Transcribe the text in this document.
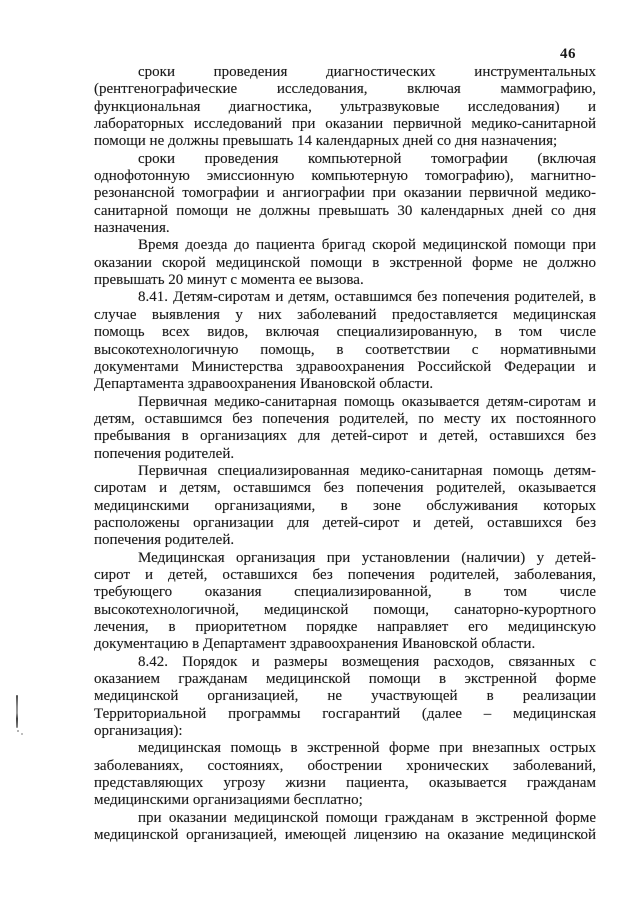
46
сроки проведения диагностических инструментальных
(рентгенографические исследования, включая маммографию,
функциональная диагностика, ультразвуковые исследования) и
лабораторных исследований при оказании первичной медико-санитарной
помощи не должны превышать 14 календарных дней со дня назначения;
сроки проведения компьютерной томографии (включая
однофотонную эмиссионную компьютерную томографию), магнитно-
резонансной томографии и ангиографии при оказании первичной медико-
санитарной помощи не должны превышать 30 календарных дней со дня
назначения.
Время доезда до пациента бригад скорой медицинской помощи при
оказании скорой медицинской помощи в экстренной форме не должно
превышать 20 минут с момента ее вызова.
8.41. Детям-сиротам и детям, оставшимся без попечения родителей, в
случае выявления у них заболеваний предоставляется медицинская
помощь всех видов, включая специализированную, в том числе
высокотехнологичную помощь, в соответствии с нормативными
документами Министерства здравоохранения Российской Федерации и
Департамента здравоохранения Ивановской области.
Первичная медико-санитарная помощь оказывается детям-сиротам и
детям, оставшимся без попечения родителей, по месту их постоянного
пребывания в организациях для детей-сирот и детей, оставшихся без
попечения родителей.
Первичная специализированная медико-санитарная помощь детям-
сиротам и детям, оставшимся без попечения родителей, оказывается
медицинскими организациями, в зоне обслуживания которых
расположены организации для детей-сирот и детей, оставшихся без
попечения родителей.
Медицинская организация при установлении (наличии) у детей-
сирот и детей, оставшихся без попечения родителей, заболевания,
требующего оказания специализированной, в том числе
высокотехнологичной, медицинской помощи, санаторно-курортного
лечения, в приоритетном порядке направляет его медицинскую
документацию в Департамент здравоохранения Ивановской области.
8.42. Порядок и размеры возмещения расходов, связанных с
оказанием гражданам медицинской помощи в экстренной форме
медицинской организацией, не участвующей в реализации
Территориальной программы госгарантий (далее – медицинская
организация):
медицинская помощь в экстренной форме при внезапных острых
заболеваниях, состояниях, обострении хронических заболеваний,
представляющих угрозу жизни пациента, оказывается гражданам
медицинскими организациями бесплатно;
при оказании медицинской помощи гражданам в экстренной форме
медицинской организацией, имеющей лицензию на оказание медицинской
